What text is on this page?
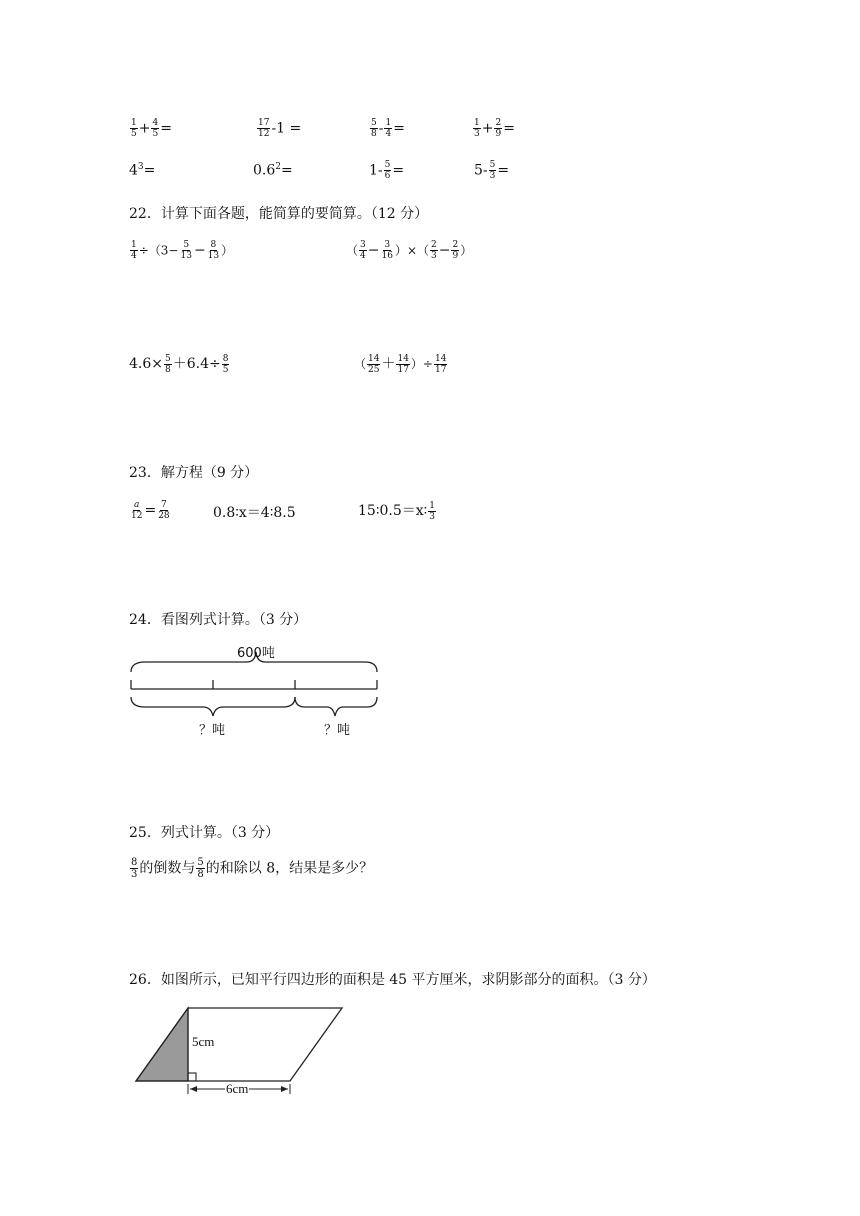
$\frac{1}{5} + \frac{4}{5}$ =	$\frac{17}{12} -1$ =	$\frac{5}{8} - \frac{1}{4}$ =	$\frac{1}{3} + \frac{2}{9}$ =
$4^3=$	$0.6^2=$	$1- \frac{5}{6}$ =	$5- \frac{5}{3}$ =
22．计算下面各题，能简算的要简算。（12 分）
$\frac{1}{4} \div(3- \frac{5}{13} - \frac{8}{13}$ ）	（ $\frac{3}{4} - \frac{3}{16}$ ）×（ $\frac{2}{3} - \frac{2}{9}$ ）
$4.6\times \frac{5}{8} +6.4\div \frac{8}{5}$	（ $\frac{14}{25} + \frac{14}{17}$ ）÷ $\frac{14}{17}$
23．解方程（9 分）
$\frac{a}{12} = \frac{7}{28}$	0.8∶x＝4∶8.5	15∶0.5＝x∶ $\frac{1}{3}$
24．看图列式计算。（3 分）
600吨
？吨	？吨
25．列式计算。（3 分）
$\frac{8}{3}$ 的倒数与 $\frac{5}{8}$ 的和除以 8，结果是多少？
26．如图所示，已知平行四边形的面积是 45 平方厘米，求阴影部分的面积。（3 分）
5cm
6cm
